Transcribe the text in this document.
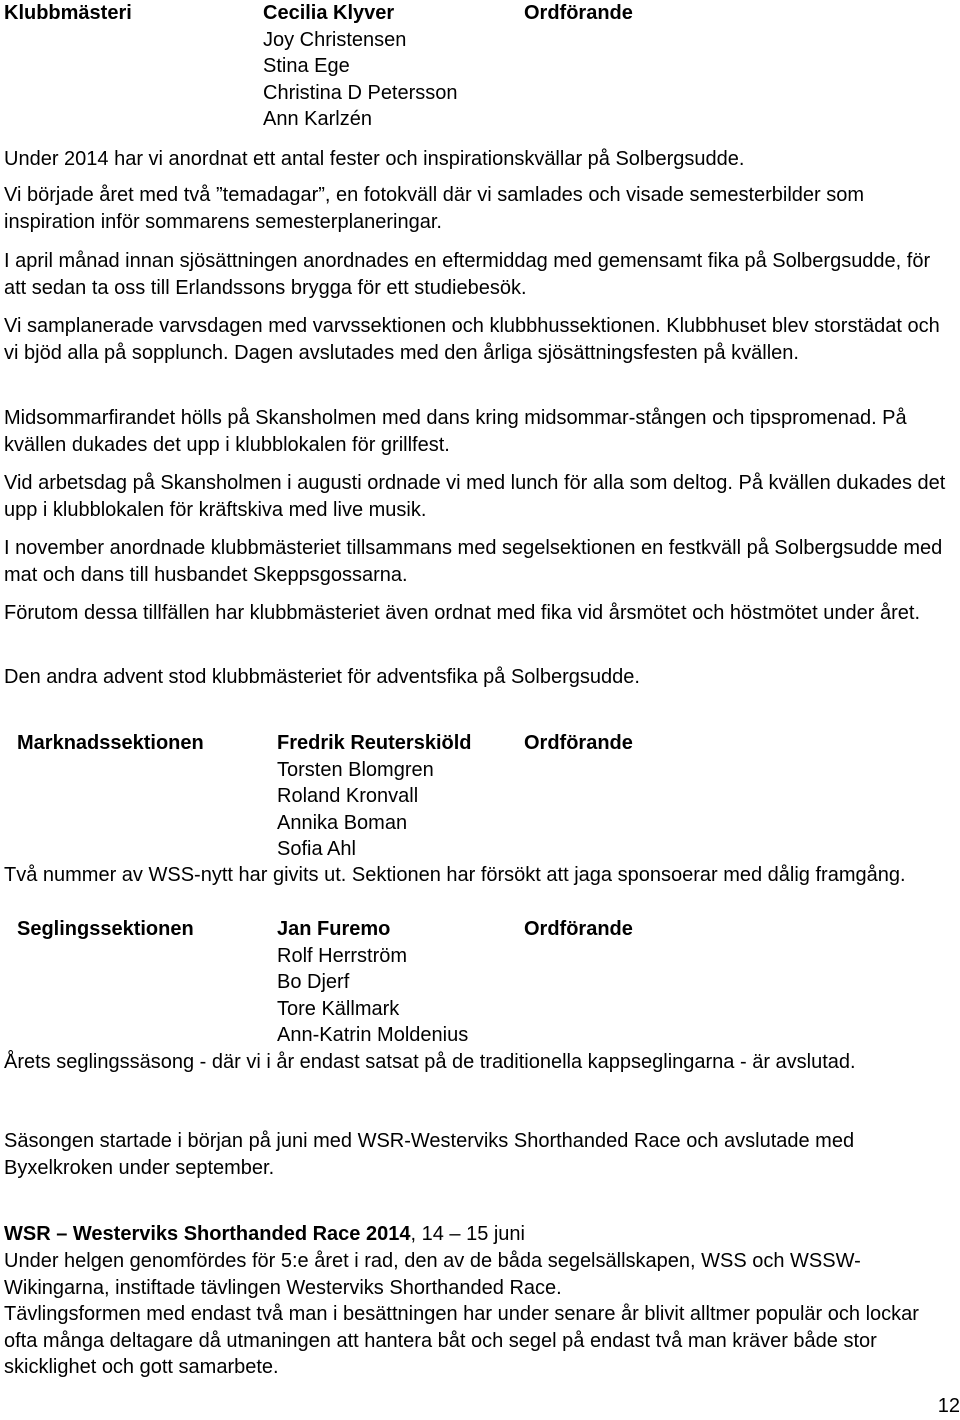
Klubbmästeri	Cecilia Klyver	Ordförande
Joy Christensen
Stina Ege
Christina D Petersson
Ann Karlzén

Under 2014 har vi anordnat ett antal fester och inspirationskvällar på Solbergsudde.

Vi började året med två ”temadagar”, en fotokväll där vi samlades och visade semesterbilder som inspiration inför sommarens semesterplaneringar.

I april månad innan sjösättningen anordnades en eftermiddag med gemensamt fika på Solbergsudde, för att sedan ta oss till Erlandssons brygga för ett studiebesök.

Vi samplanerade varvsdagen med varvssektionen och klubbhussektionen. Klubbhuset blev storstädat och vi bjöd alla på sopplunch. Dagen avslutades med den årliga sjösättningsfesten på kvällen.

Midsommarfirandet hölls på Skansholmen med dans kring midsommar-stången och tipspromenad. På kvällen dukades det upp i klubblokalen för grillfest.

Vid arbetsdag på Skansholmen i augusti ordnade vi med lunch för alla som deltog. På kvällen dukades det upp i klubblokalen för kräftskiva med live musik.

I november anordnade klubbmästeriet tillsammans med segelsektionen en festkväll på Solbergsudde med mat och dans till husbandet Skeppsgossarna.

Förutom dessa tillfällen har klubbmästeriet även ordnat med fika vid årsmötet och höstmötet under året.

Den andra advent stod klubbmästeriet för adventsfika på Solbergsudde.

Marknadssektionen	Fredrik Reuterskiöld	Ordförande
Torsten Blomgren
Roland Kronvall
Annika Boman
Sofia Ahl

Två nummer av WSS-nytt har givits ut. Sektionen har försökt att jaga sponsoerar med dålig framgång.

Seglingssektionen	Jan Furemo	Ordförande
Rolf Herrström
Bo Djerf
Tore Källmark
Ann-Katrin Moldenius

Årets seglingssäsong - där vi i år endast satsat på de traditionella kappseglingarna - är avslutad.

Säsongen startade i början på juni med WSR-Westerviks Shorthanded Race och avslutade med Byxelkroken under september.

WSR – Westerviks Shorthanded Race 2014, 14 – 15 juni

Under helgen genomfördes för 5:e året i rad, den av de båda segelsällskapen, WSS och WSSW-Wikingarna, instiftade tävlingen Westerviks Shorthanded Race.

Tävlingsformen med endast två man i besättningen har under senare år blivit alltmer populär och lockar ofta många deltagare då utmaningen att hantera båt och segel på endast två man kräver både stor skicklighet och gott samarbete.

12
